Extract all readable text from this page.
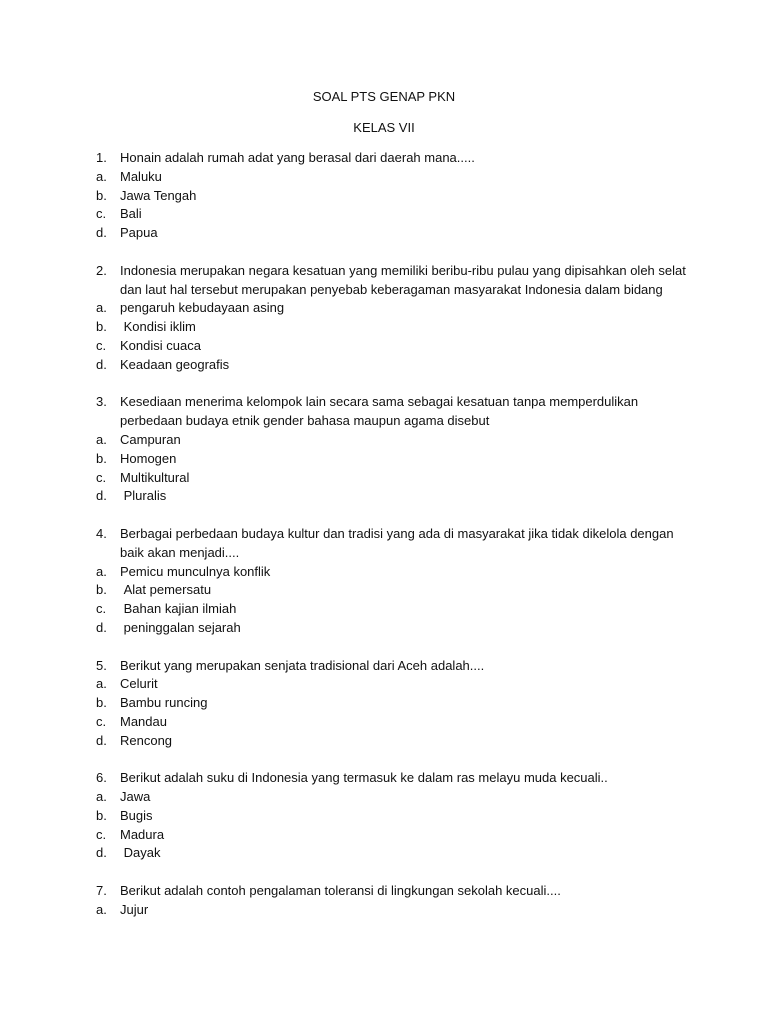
SOAL PTS GENAP PKN
KELAS VII
1.	Honain adalah rumah adat yang berasal dari daerah mana.....
a.	Maluku
b.	Jawa Tengah
c.	Bali
d.	Papua
2.	Indonesia merupakan negara kesatuan yang memiliki beribu-ribu pulau yang dipisahkan oleh selat dan laut hal tersebut merupakan penyebab keberagaman masyarakat Indonesia dalam bidang
a.	pengaruh kebudayaan asing
b.	Kondisi iklim
c.	Kondisi cuaca
d.	Keadaan geografis
3.	Kesediaan menerima kelompok lain secara sama sebagai kesatuan tanpa memperdulikan perbedaan budaya etnik gender bahasa maupun agama disebut
a.	Campuran
b.	Homogen
c.	Multikultural
d.	Pluralis
4.	Berbagai perbedaan budaya kultur dan tradisi yang ada di masyarakat jika tidak dikelola dengan baik akan menjadi....
a.	Pemicu munculnya konflik
b.	Alat pemersatu
c.	Bahan kajian ilmiah
d.	peninggalan sejarah
5.	Berikut yang merupakan senjata tradisional dari Aceh adalah....
a.	Celurit
b.	Bambu runcing
c.	Mandau
d.	Rencong
6.	Berikut adalah suku di Indonesia yang termasuk ke dalam ras melayu muda kecuali..
a.	Jawa
b.	Bugis
c.	Madura
d.	Dayak
7.	Berikut adalah contoh pengalaman toleransi di lingkungan sekolah kecuali....
a.	Jujur
